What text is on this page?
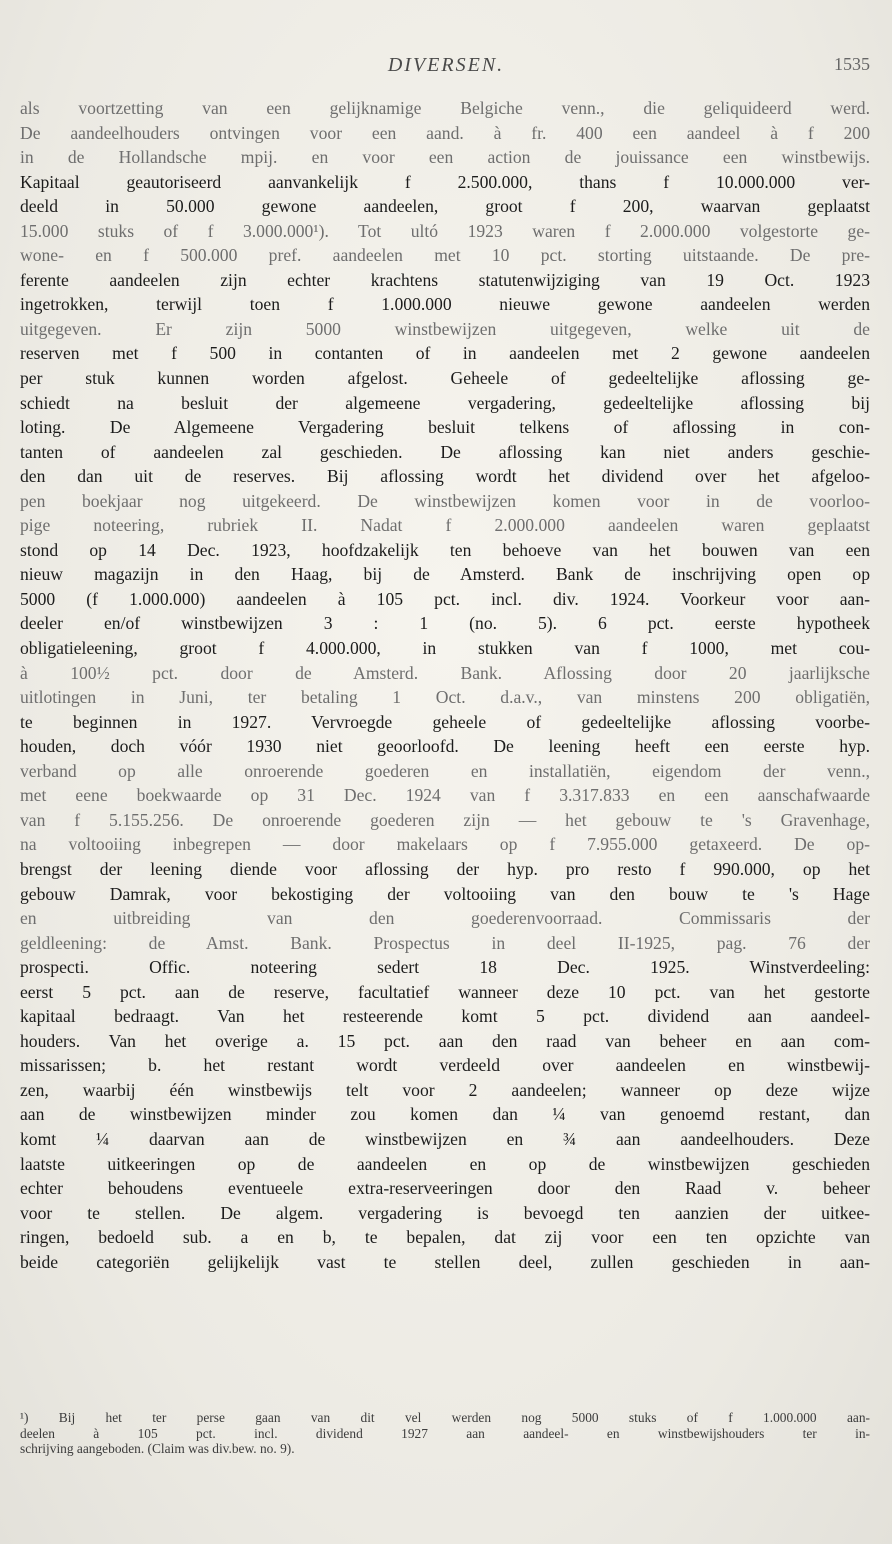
DIVERSEN.	1535
als voortzetting van een gelijknamige Belgiche venn., die geliquideerd werd.
De aandeelhouders ontvingen voor een aand. à fr. 400 een aandeel à f 200
in de Hollandsche mpij. en voor een action de jouissance een winstbewijs.
Kapitaal geautoriseerd aanvankelijk f 2.500.000, thans f 10.000.000 ver-
deeld in 50.000 gewone aandeelen, groot f 200, waarvan geplaatst
15.000 stuks of f 3.000.000¹). Tot ultó 1923 waren f 2.000.000 volgestorte ge-
wone- en f 500.000 pref. aandeelen met 10 pct. storting uitstaande. De pre-
ferente aandeelen zijn echter krachtens statutenwijziging van 19 Oct. 1923
ingetrokken, terwijl toen f 1.000.000 nieuwe gewone aandeelen werden
uitgegeven. Er zijn 5000 winstbewijzen uitgegeven, welke uit de
reserven met f 500 in contanten of in aandeelen met 2 gewone aandeelen
per stuk kunnen worden afgelost. Geheele of gedeeltelijke aflossing ge-
schiedt na besluit der algemeene vergadering, gedeeltelijke aflossing bij
loting. De Algemeene Vergadering besluit telkens of aflossing in con-
tanten of aandeelen zal geschieden. De aflossing kan niet anders geschie-
den dan uit de reserves. Bij aflossing wordt het dividend over het afgeloo-
pen boekjaar nog uitgekeerd. De winstbewijzen komen voor in de voorloo-
pige noteering, rubriek II. Nadat f 2.000.000 aandeelen waren geplaatst
stond op 14 Dec. 1923, hoofdzakelijk ten behoeve van het bouwen van een
nieuw magazijn in den Haag, bij de Amsterd. Bank de inschrijving open op
5000 (f 1.000.000) aandeelen à 105 pct. incl. div. 1924. Voorkeur voor aan-
deeler en/of winstbewijzen 3 : 1 (no. 5). 6 pct. eerste hypotheek
obligatieleening, groot f 4.000.000, in stukken van f 1000, met cou-
à 100½ pct. door de Amsterd. Bank. Aflossing door 20 jaarlijksche
uitlotingen in Juni, ter betaling 1 Oct. d.a.v., van minstens 200 obligatiën,
te beginnen in 1927. Vervroegde geheele of gedeeltelijke aflossing voorbe-
houden, doch vóór 1930 niet geoorloofd. De leening heeft een eerste hyp.
verband op alle onroerende goederen en installatiën, eigendom der venn.,
met eene boekwaarde op 31 Dec. 1924 van f 3.317.833 en een aanschafwaarde
van f 5.155.256. De onroerende goederen zijn — het gebouw te 's Gravenhage,
na voltooiing inbegrepen — door makelaars op f 7.955.000 getaxeerd. De op-
brengst der leening diende voor aflossing der hyp. pro resto f 990.000, op het
gebouw Damrak, voor bekostiging der voltooiing van den bouw te 's Hage
en uitbreiding van den goederenvoorraad. Commissaris der
geldleening: de Amst. Bank. Prospectus in deel II-1925, pag. 76 der
prospecti. Offic. noteering sedert 18 Dec. 1925. Winstverdeeling:
eerst 5 pct. aan de reserve, facultatief wanneer deze 10 pct. van het gestorte
kapitaal bedraagt. Van het resteerende komt 5 pct. dividend aan aandeel-
houders. Van het overige a. 15 pct. aan den raad van beheer en aan com-
missarissen; b. het restant wordt verdeeld over aandeelen en winstbewij-
zen, waarbij één winstbewijs telt voor 2 aandeelen; wanneer op deze wijze
aan de winstbewijzen minder zou komen dan ¼ van genoemd restant, dan
komt ¼ daarvan aan de winstbewijzen en ¾ aan aandeelhouders. Deze
laatste uitkeeringen op de aandeelen en op de winstbewijzen geschieden
echter behoudens eventueele extra-reserveeringen door den Raad v. beheer
voor te stellen. De algem. vergadering is bevoegd ten aanzien der uitkee-
ringen, bedoeld sub. a en b, te bepalen, dat zij voor een ten opzichte van
beide categoriën gelijkelijk vast te stellen deel, zullen geschieden in aan-
¹) Bij het ter perse gaan van dit vel werden nog 5000 stuks of f 1.000.000 aan-
deelen à 105 pct. incl. dividend 1927 aan aandeel- en winstbewijshouders ter in-
schrijving aangeboden. (Claim was div.bew. no. 9).
